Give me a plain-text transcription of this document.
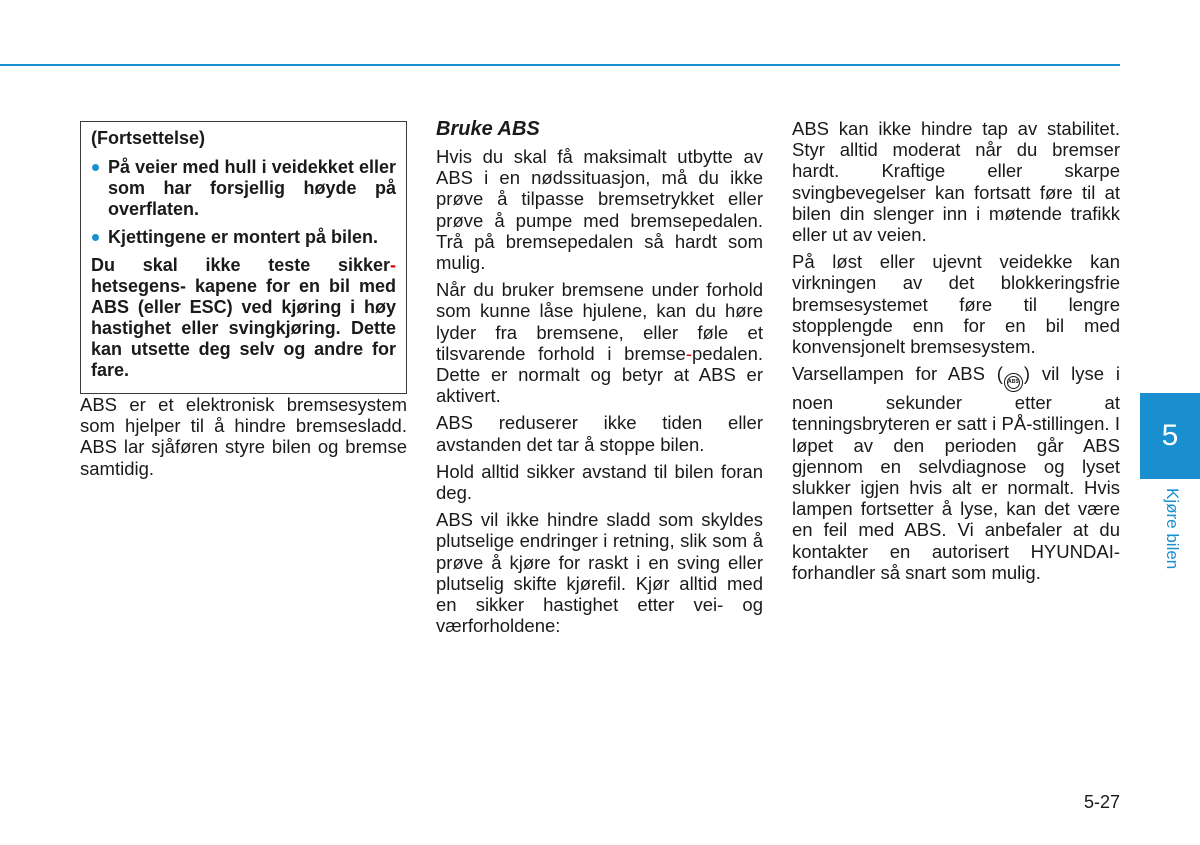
(Fortsettelse)

På veier med hull i veidekket eller som har forsjellig høyde på overflaten.
Kjettingene er montert på bilen.

Du skal ikke teste sikker-hetsegens- kapene for en bil med ABS (eller ESC) ved kjøring i høy hastighet eller svingkjøring. Dette kan utsette deg selv og andre for fare.

ABS er et elektronisk bremsesystem som hjelper til å hindre bremsesladd. ABS lar sjåføren styre bilen og bremse samtidig.

Bruke ABS

Hvis du skal få maksimalt utbytte av ABS i en nødssituasjon, må du ikke prøve å tilpasse bremsetrykket eller prøve å pumpe med bremsepedalen. Trå på bremsepedalen så hardt som mulig.

Når du bruker bremsene under forhold som kunne låse hjulene, kan du høre lyder fra bremsene, eller føle et tilsvarende forhold i bremse-pedalen. Dette er normalt og betyr at ABS er aktivert.

ABS reduserer ikke tiden eller avstanden det tar å stoppe bilen.

Hold alltid sikker avstand til bilen foran deg.

ABS vil ikke hindre sladd som skyldes plutselige endringer i retning, slik som å prøve å kjøre for raskt i en sving eller plutselig skifte kjørefil. Kjør alltid med en sikker hastighet etter vei- og værforholdene:

ABS kan ikke hindre tap av stabilitet. Styr alltid moderat når du bremser hardt. Kraftige eller skarpe svingbevegelser kan fortsatt føre til at bilen din slenger inn i møtende trafikk eller ut av veien.

På løst eller ujevnt veidekke kan virkningen av det blokkeringsfrie bremsesystemet føre til lengre stopplengde enn for en bil med konvensjonelt bremsesystem.

Varsellampen for ABS ( ABS ) vil lyse i noen sekunder etter at tenningsbryteren er satt i PÅ-stillingen. I løpet av den perioden går ABS gjennom en selvdiagnose og lyset slukker igjen hvis alt er normalt. Hvis lampen fortsetter å lyse, kan det være en feil med ABS. Vi anbefaler at du kontakter en autorisert HYUNDAI-forhandler så snart som mulig.

5
Kjøre bilen
5-27
